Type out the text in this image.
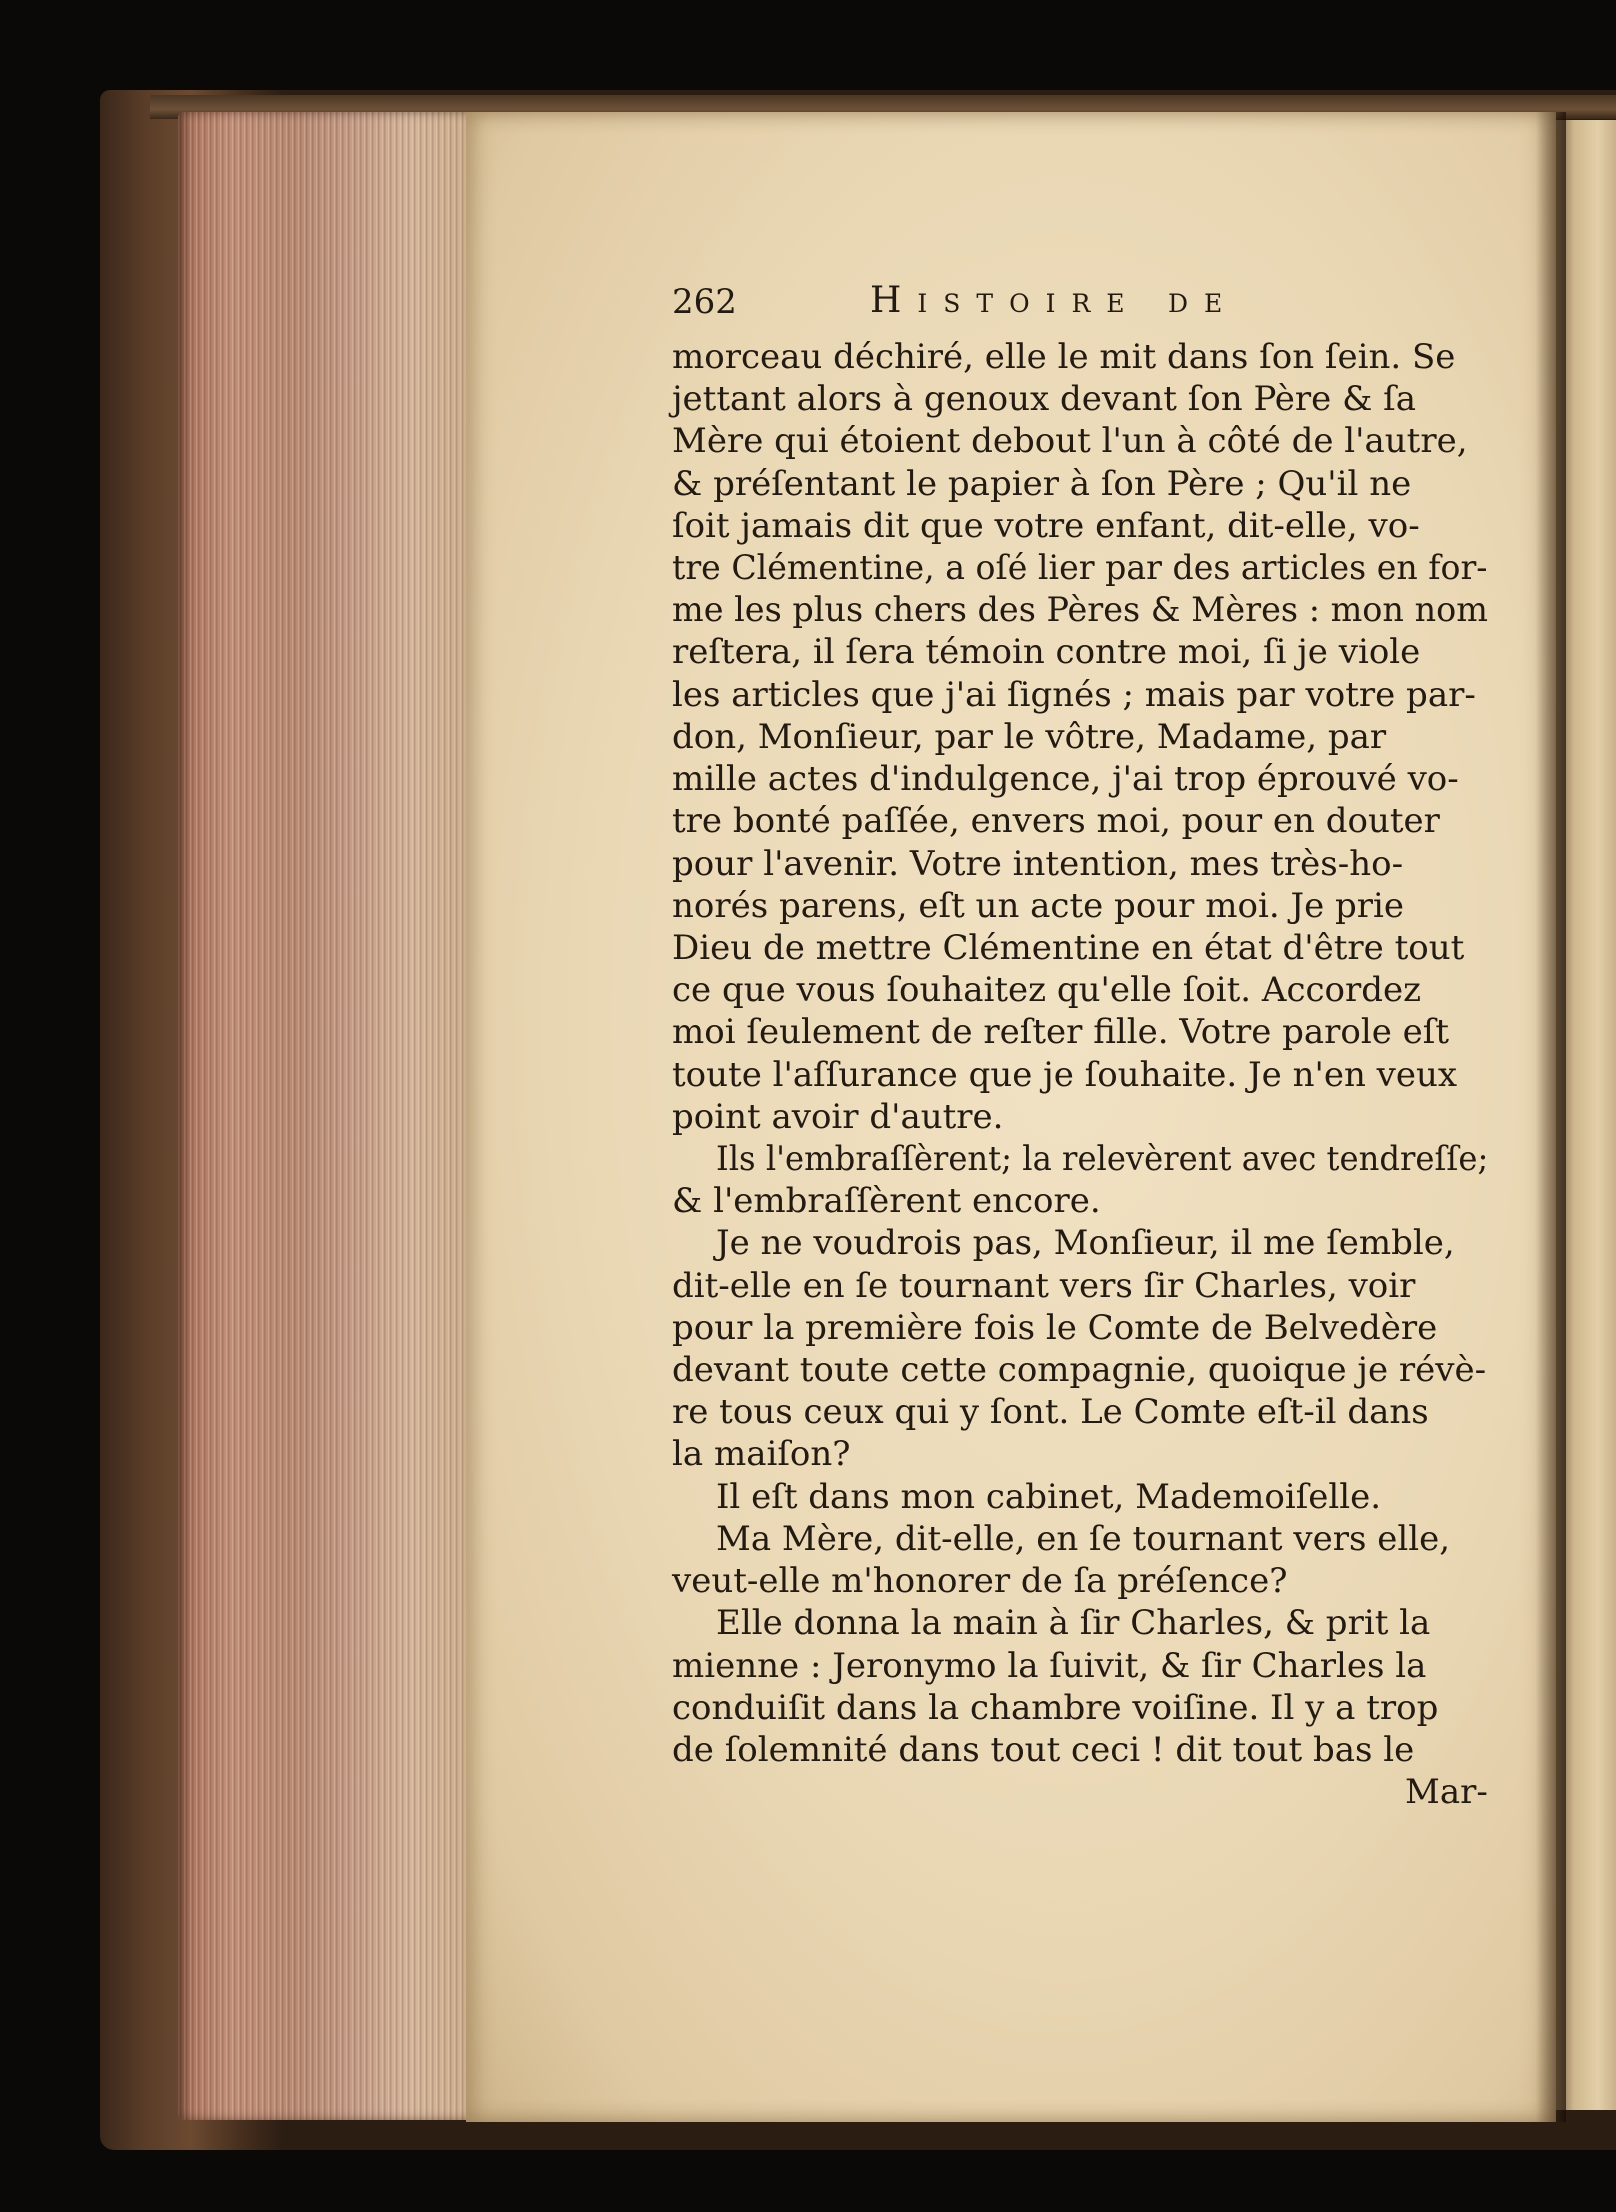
262	Histoire de
morceau déchiré, elle le mit dans ſon ſein. Se
jettant alors à genoux devant ſon Père & ſa
Mère qui étoient debout l'un à côté de l'autre,
& préſentant le papier à ſon Père ; Qu'il ne
ſoit jamais dit que votre enfant, dit-elle, vo-
tre Clémentine, a oſé lier par des articles en for-
me les plus chers des Pères & Mères : mon nom
reſtera, il ſera témoin contre moi, ſi je viole
les articles que j'ai ſignés ; mais par votre par-
don, Monſieur, par le vôtre, Madame, par
mille actes d'indulgence, j'ai trop éprouvé vo-
tre bonté paſſée, envers moi, pour en douter
pour l'avenir. Votre intention, mes très-ho-
norés parens, eſt un acte pour moi. Je prie
Dieu de mettre Clémentine en état d'être tout
ce que vous ſouhaitez qu'elle ſoit. Accordez
moi ſeulement de reſter fille. Votre parole eſt
toute l'aſſurance que je ſouhaite. Je n'en veux
point avoir d'autre.
Ils l'embraſſèrent; la relevèrent avec tendreſſe;
& l'embraſſèrent encore.
Je ne voudrois pas, Monſieur, il me ſemble,
dit-elle en ſe tournant vers ſir Charles, voir
pour la première fois le Comte de Belvedère
devant toute cette compagnie, quoique je révè-
re tous ceux qui y ſont. Le Comte eſt-il dans
la maiſon?
Il eſt dans mon cabinet, Mademoiſelle.
Ma Mère, dit-elle, en ſe tournant vers elle,
veut-elle m'honorer de ſa préſence?
Elle donna la main à ſir Charles, & prit la
mienne : Jeronymo la ſuivit, & ſir Charles la
conduiſit dans la chambre voiſine. Il y a trop
de ſolemnité dans tout ceci ! dit tout bas le
Mar-
